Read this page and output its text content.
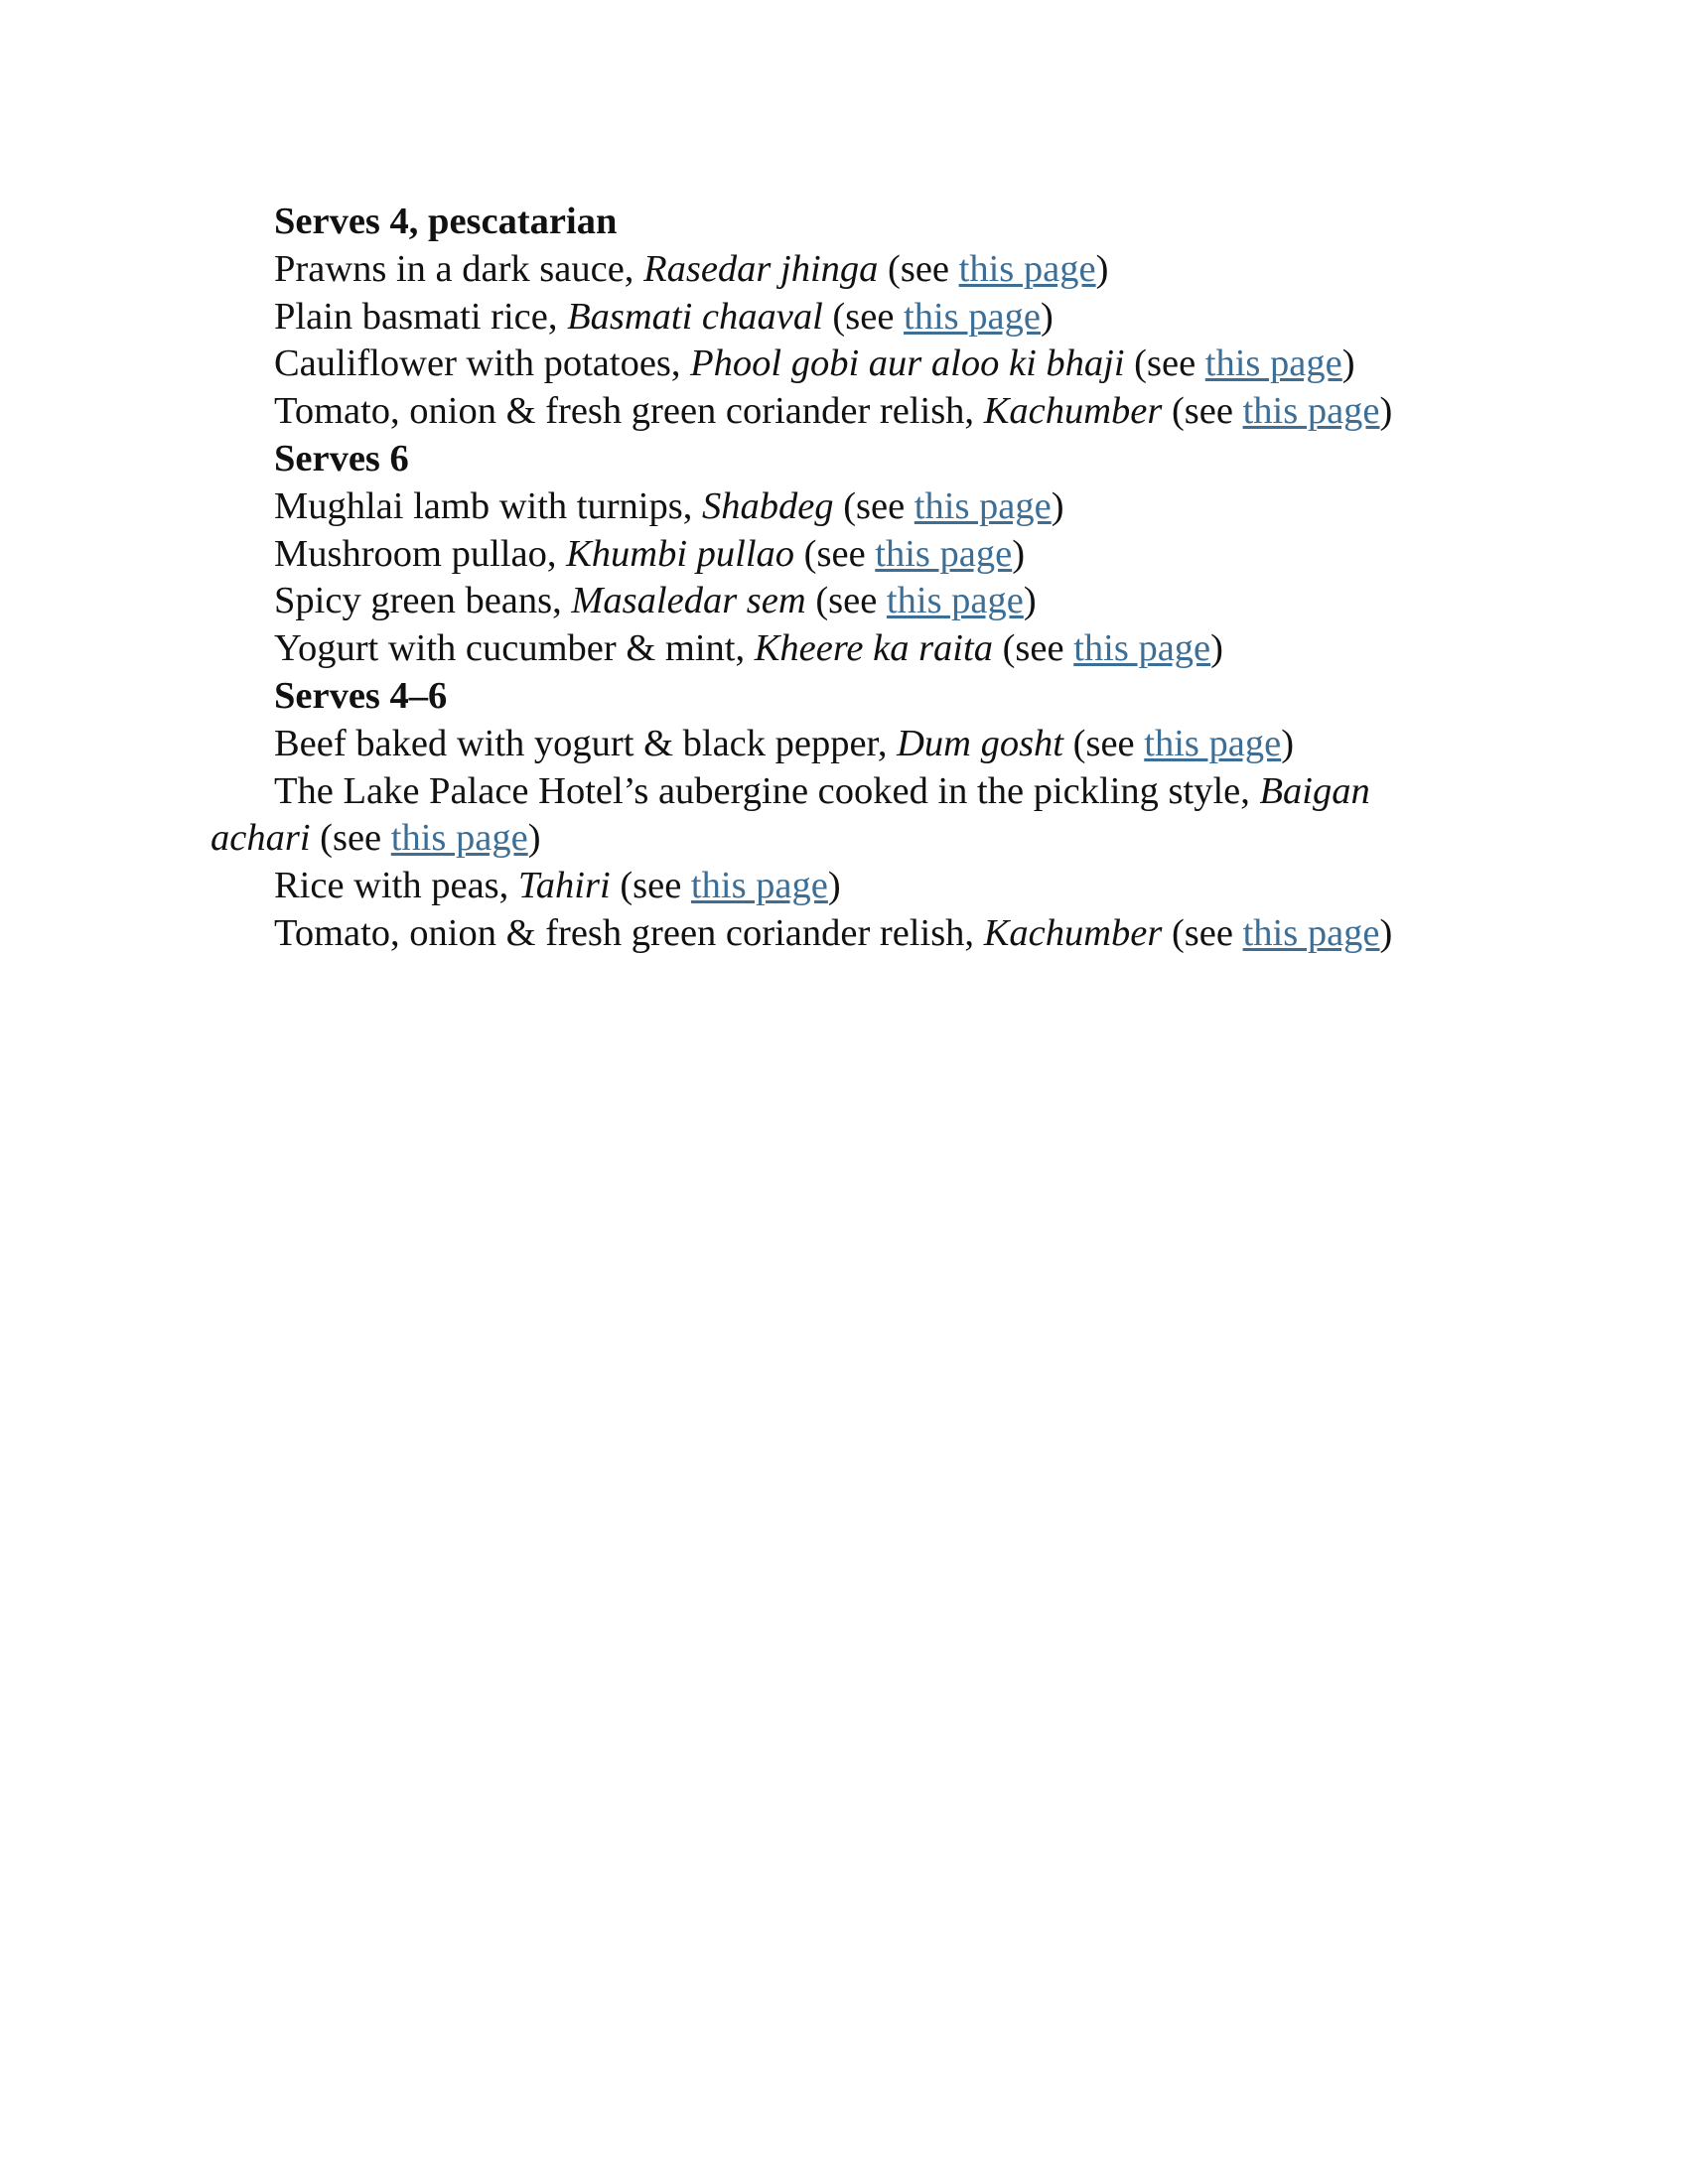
Serves 4, pescatarian

Prawns in a dark sauce, Rasedar jhinga (see this page)

Plain basmati rice, Basmati chaaval (see this page)

Cauliflower with potatoes, Phool gobi aur aloo ki bhaji (see this page)

Tomato, onion & fresh green coriander relish, Kachumber (see this page)

Serves 6

Mughlai lamb with turnips, Shabdeg (see this page)

Mushroom pullao, Khumbi pullao (see this page)

Spicy green beans, Masaledar sem (see this page)

Yogurt with cucumber & mint, Kheere ka raita (see this page)

Serves 4–6

Beef baked with yogurt & black pepper, Dum gosht (see this page)

The Lake Palace Hotel’s aubergine cooked in the pickling style, Baigan achari (see this page)

Rice with peas, Tahiri (see this page)

Tomato, onion & fresh green coriander relish, Kachumber (see this page)
